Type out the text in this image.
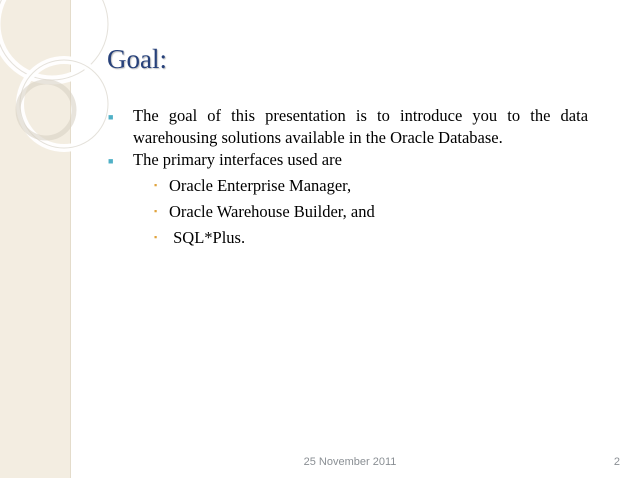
Goal:
■ The goal of this presentation is to introduce you to the data
warehousing solutions available in the Oracle Database.
■ The primary interfaces used are
▪ Oracle Enterprise Manager,
▪ Oracle Warehouse Builder, and
▪ SQL*Plus.
25 November 2011	2
